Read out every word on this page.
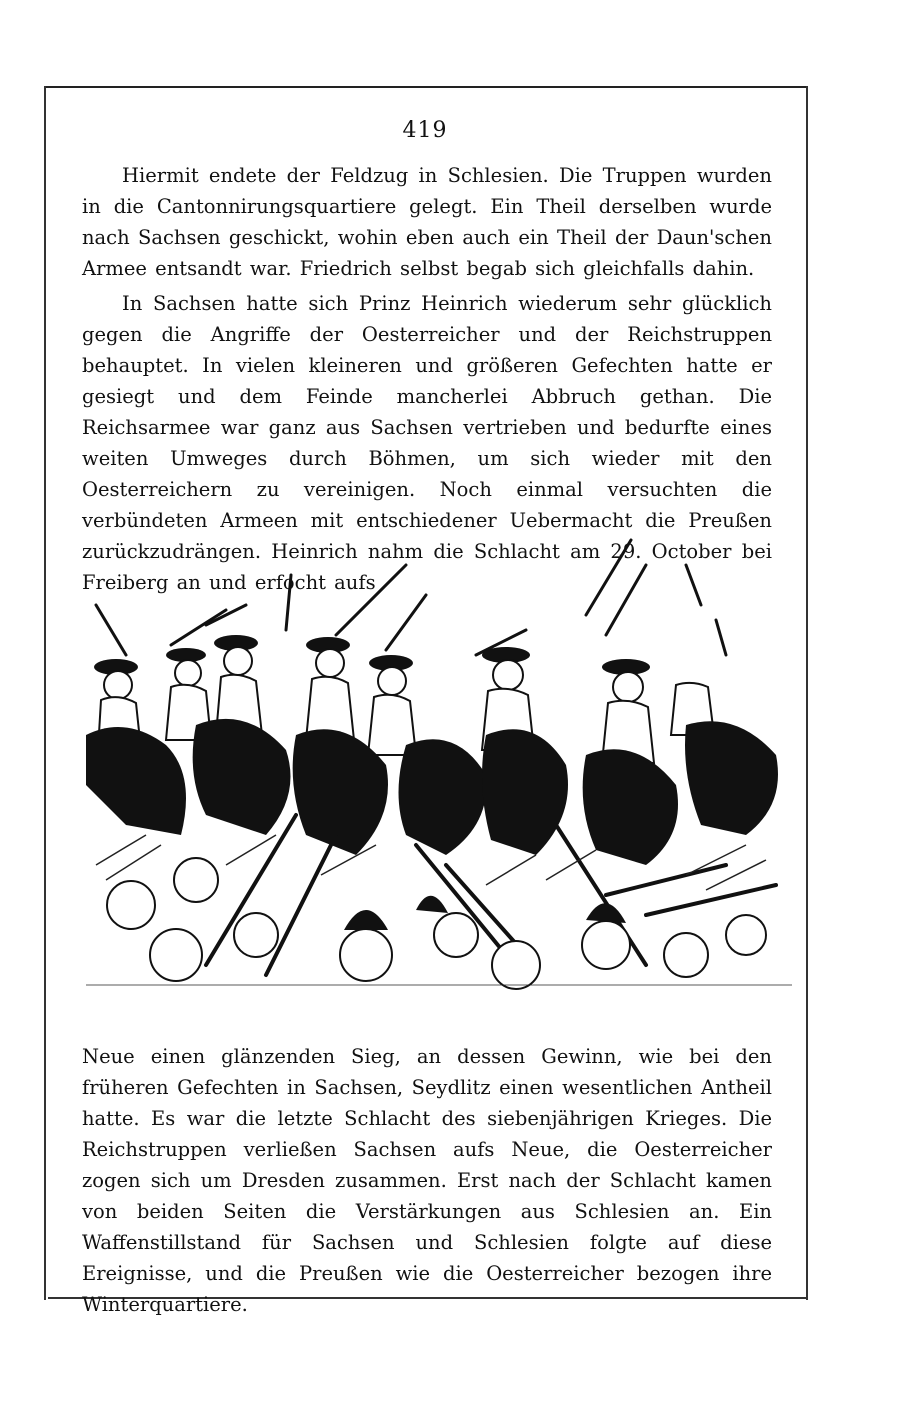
419

Hiermit endete der Feldzug in Schlesien. Die Truppen wurden in die Cantonnirungsquartiere gelegt. Ein Theil derselben wurde nach Sachsen geschickt, wohin eben auch ein Theil der Daun'schen Armee entsandt war. Friedrich selbst begab sich gleichfalls dahin.

In Sachsen hatte sich Prinz Heinrich wiederum sehr glücklich gegen die Angriffe der Oesterreicher und der Reichstruppen behauptet. In vielen kleineren und größeren Gefechten hatte er gesiegt und dem Feinde mancherlei Abbruch gethan. Die Reichsarmee war ganz aus Sachsen vertrieben und bedurfte eines weiten Umweges durch Böhmen, um sich wieder mit den Oesterreichern zu vereinigen. Noch einmal versuchten die verbündeten Armeen mit entschiedener Uebermacht die Preußen zurückzudrängen. Heinrich nahm die Schlacht am 29. October bei Freiberg an und erfocht aufs

Neue einen glänzenden Sieg, an dessen Gewinn, wie bei den früheren Gefechten in Sachsen, Seydlitz einen wesentlichen Antheil hatte. Es war die letzte Schlacht des siebenjährigen Krieges. Die Reichstruppen verließen Sachsen aufs Neue, die Oesterreicher zogen sich um Dresden zusammen. Erst nach der Schlacht kamen von beiden Seiten die Verstärkungen aus Schlesien an. Ein Waffenstillstand für Sachsen und Schlesien folgte auf diese Ereignisse, und die Preußen wie die Oesterreicher bezogen ihre Winterquartiere.
